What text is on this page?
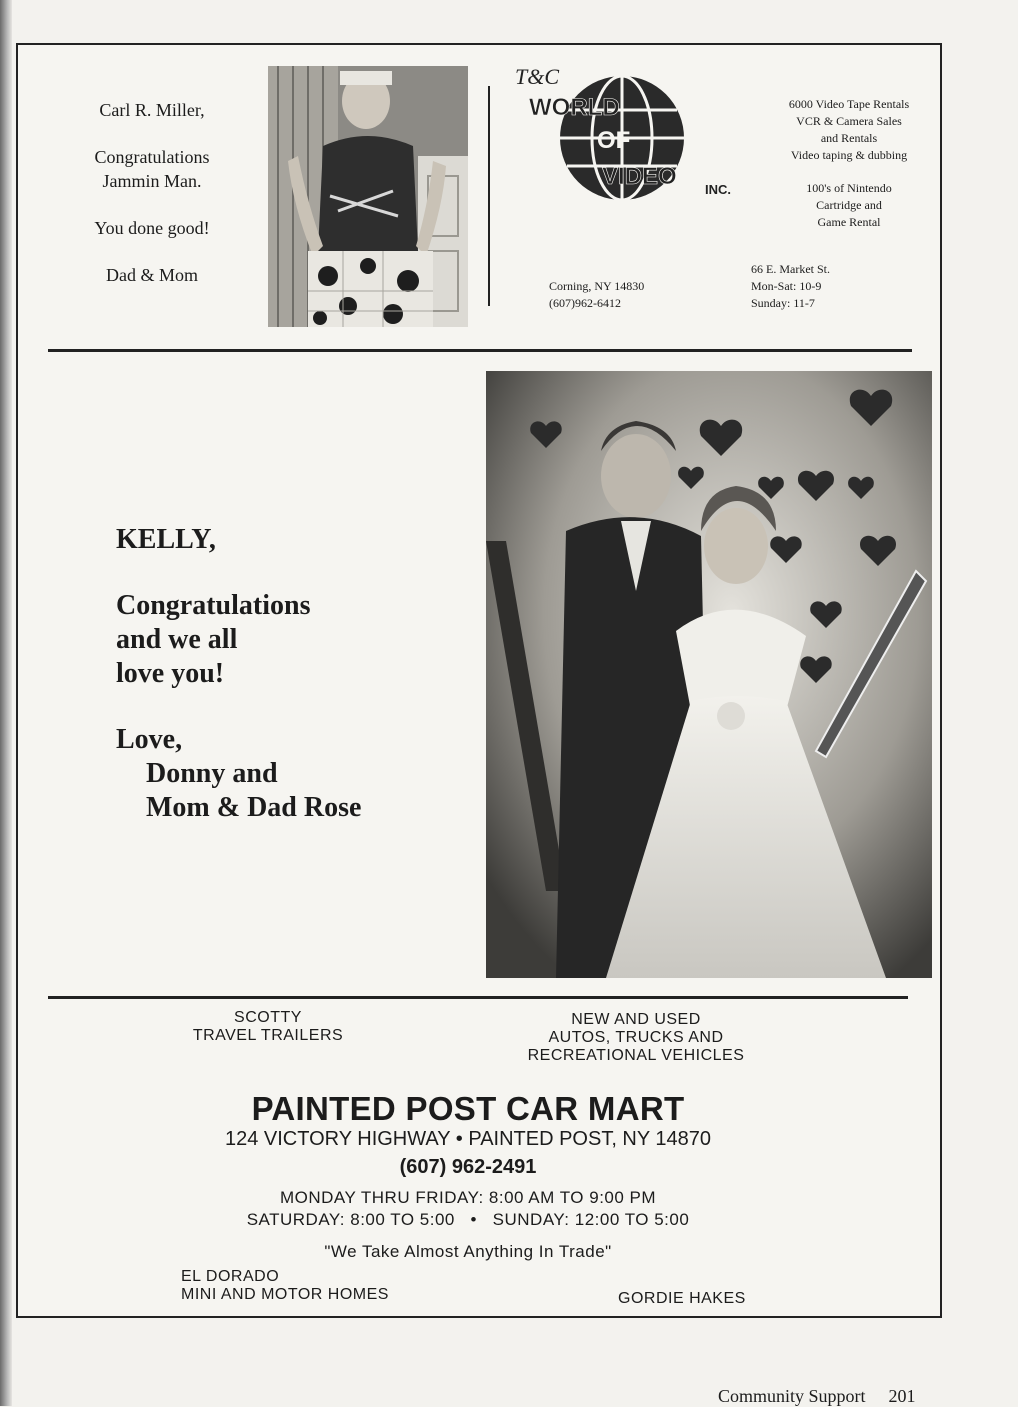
Carl R. Miller,
Congratulations
Jammin Man.
You done good!
Dad & Mom
T&C
WORLD
OF
VIDEO INC.
6000 Video Tape Rentals
VCR & Camera Sales
and Rentals
Video taping & dubbing
100's of Nintendo
Cartridge and
Game Rental
Corning, NY 14830
(607)962-6412
66 E. Market St.
Mon-Sat: 10-9
Sunday: 11-7
KELLY,
Congratulations
and we all
love you!
Love,
Donny and
Mom & Dad Rose
SCOTTY
TRAVEL TRAILERS
NEW AND USED
AUTOS, TRUCKS AND
RECREATIONAL VEHICLES
PAINTED POST CAR MART
124 VICTORY HIGHWAY • PAINTED POST, NY 14870
(607) 962-2491
MONDAY THRU FRIDAY: 8:00 AM TO 9:00 PM
SATURDAY: 8:00 TO 5:00   •   SUNDAY: 12:00 TO 5:00
"We Take Almost Anything In Trade"
EL DORADO
MINI AND MOTOR HOMES	GORDIE HAKES
Community Support 201
